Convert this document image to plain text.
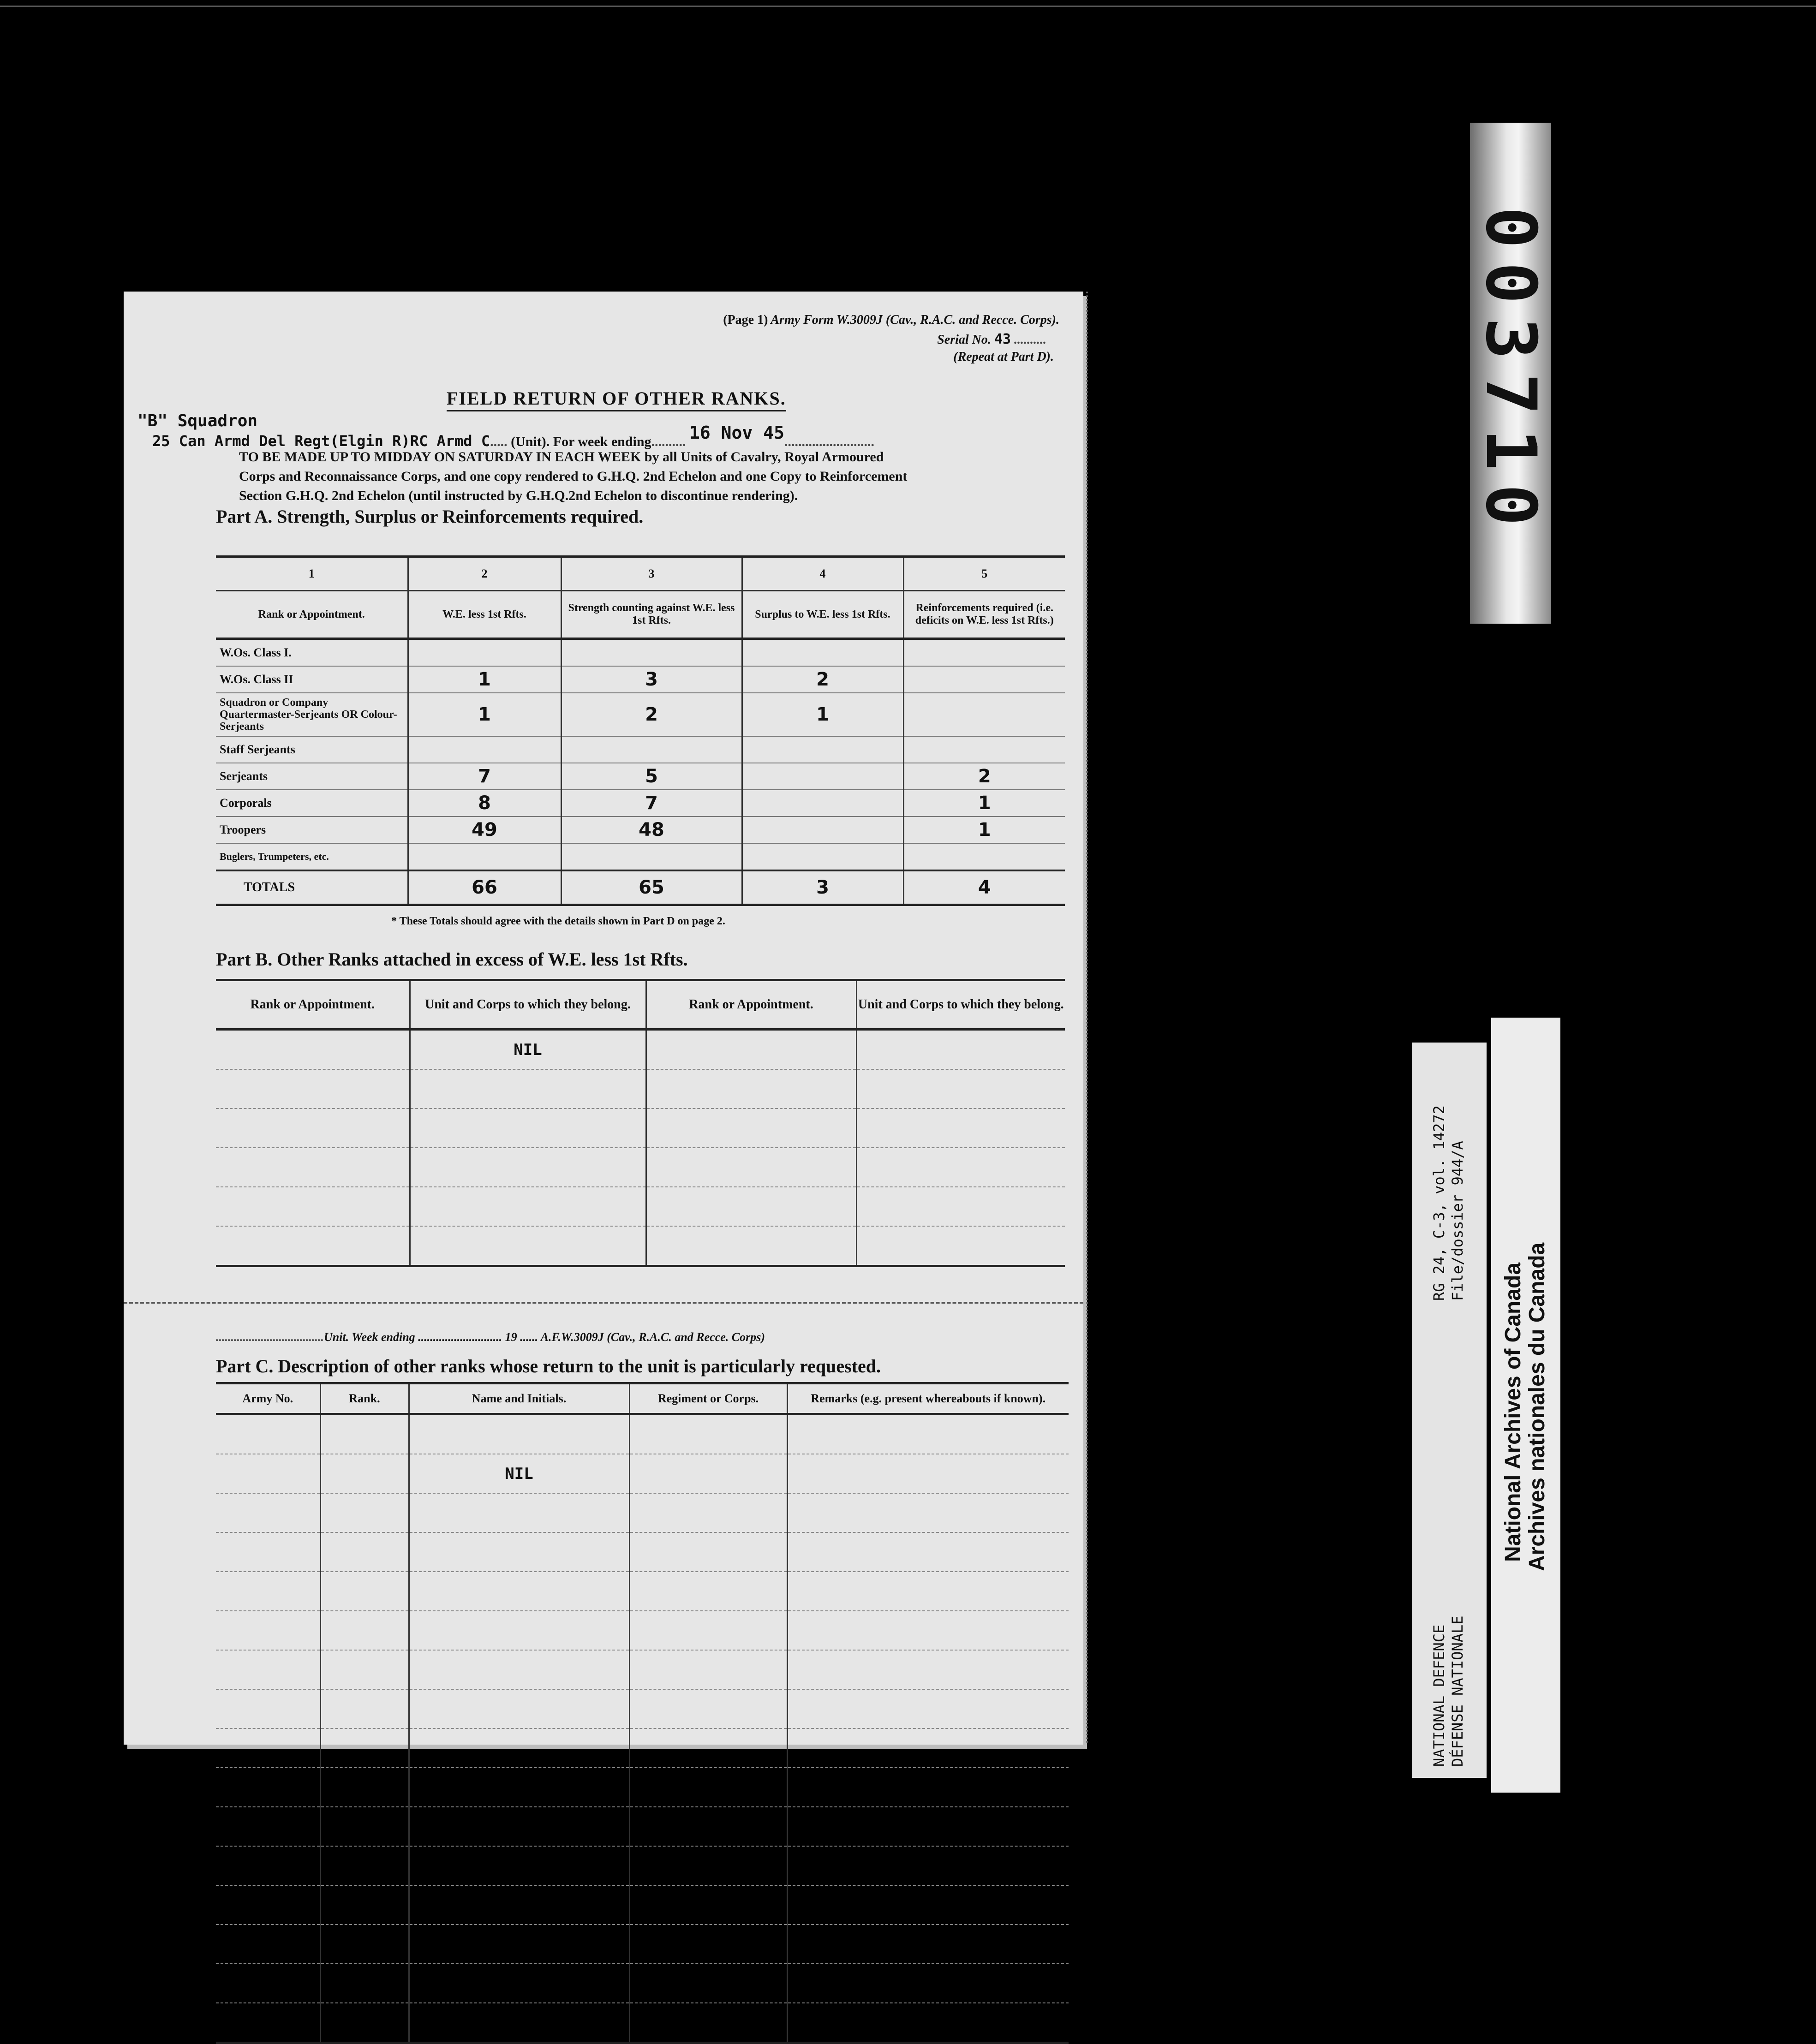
(Page 1) Army Form W.3009J (Cav., R.A.C. and Recce. Corps).
Serial No. 43 ..........
(Repeat at Part D).
FIELD RETURN OF OTHER RANKS.
"B" Squadron
25 Can Armd Del Regt(Elgin R)RC Armd C..... (Unit). For week ending.......... 16 Nov 45..........................
TO BE MADE UP TO MIDDAY ON SATURDAY IN EACH WEEK by all Units of Cavalry, Royal Armoured
Corps and Reconnaissance Corps, and one copy rendered to G.H.Q. 2nd Echelon and one Copy to Reinforcement
Section G.H.Q. 2nd Echelon (until instructed by G.H.Q.2nd Echelon to discontinue rendering).
Part A. Strength, Surplus or Reinforcements required.
1	2	3	4	5
Rank or Appointment.	W.E. less 1st Rfts.	Strength counting against W.E. less 1st Rfts.	Surplus to W.E. less 1st Rfts.	Reinforcements required (i.e. deficits on W.E. less 1st Rfts.)
W.Os. Class I.				
W.Os. Class II	1	3	2	
Squadron or Company Quartermaster-Serjeants OR Colour-Serjeants	1	2	1	
Staff Serjeants				
Serjeants	7	5		2
Corporals	8	7		1
Troopers	49	48		1
Buglers, Trumpeters, etc.				
TOTALS	66	65	3	4
* These Totals should agree with the details shown in Part D on page 2.
Part B. Other Ranks attached in excess of W.E. less 1st Rfts.
Rank or Appointment.	Unit and Corps to which they belong.	Rank or Appointment.	Unit and Corps to which they belong.
	NIL		

....................................Unit. Week ending ............................ 19 ...... A.F.W.3009J (Cav., R.A.C. and Recce. Corps)
Part C. Description of other ranks whose return to the unit is particularly requested.
Army No.	Rank.	Name and Initials.	Regiment or Corps.	Remarks (e.g. present whereabouts if known).

		NIL		

003710
RG 24, C-3, vol. 14272 File/dossier 944/A
NATIONAL DEFENCE DÉFENSE NATIONALE
National Archives of Canada Archives nationales du Canada
